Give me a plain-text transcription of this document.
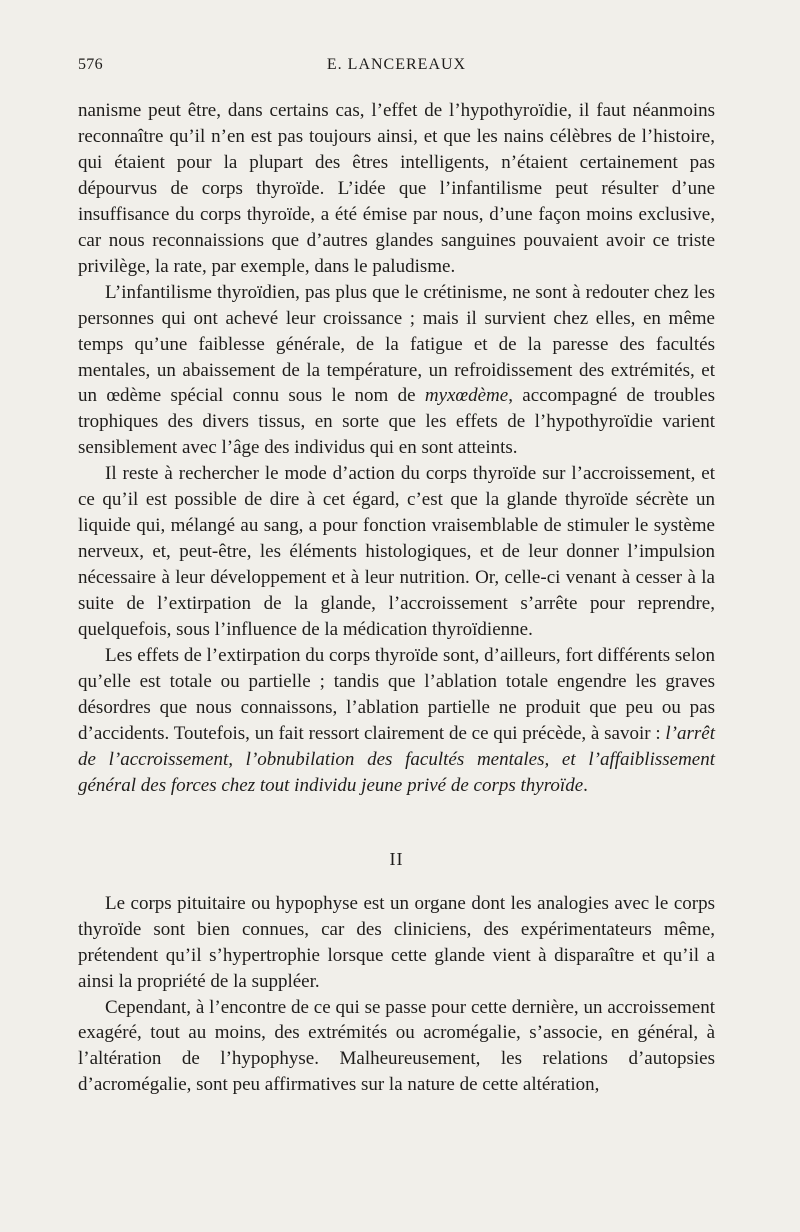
576	E. LANCEREAUX

nanisme peut être, dans certains cas, l’effet de l’hypothyroïdie, il faut néanmoins reconnaître qu’il n’en est pas toujours ainsi, et que les nains célèbres de l’histoire, qui étaient pour la plupart des êtres intelligents, n’étaient certainement pas dépourvus de corps thyroïde. L’idée que l’infantilisme peut résulter d’une insuffisance du corps thyroïde, a été émise par nous, d’une façon moins exclusive, car nous reconnaissions que d’autres glandes sanguines pouvaient avoir ce triste privilège, la rate, par exemple, dans le paludisme.

L’infantilisme thyroïdien, pas plus que le crétinisme, ne sont à redouter chez les personnes qui ont achevé leur croissance ; mais il survient chez elles, en même temps qu’une faiblesse générale, de la fatigue et de la paresse des facultés mentales, un abaissement de la température, un refroidissement des extrémités, et un œdème spécial connu sous le nom de myxœdème, accompagné de troubles trophiques des divers tissus, en sorte que les effets de l’hypothyroïdie varient sensiblement avec l’âge des individus qui en sont atteints.

Il reste à rechercher le mode d’action du corps thyroïde sur l’accroissement, et ce qu’il est possible de dire à cet égard, c’est que la glande thyroïde sécrète un liquide qui, mélangé au sang, a pour fonction vraisemblable de stimuler le système nerveux, et, peut-être, les éléments histologiques, et de leur donner l’impulsion nécessaire à leur développement et à leur nutrition. Or, celle-ci venant à cesser à la suite de l’extirpation de la glande, l’accroissement s’arrête pour reprendre, quelquefois, sous l’influence de la médication thyroïdienne.

Les effets de l’extirpation du corps thyroïde sont, d’ailleurs, fort différents selon qu’elle est totale ou partielle ; tandis que l’ablation totale engendre les graves désordres que nous connaissons, l’ablation partielle ne produit que peu ou pas d’accidents. Toutefois, un fait ressort clairement de ce qui précède, à savoir : l’arrêt de l’accroissement, l’obnubilation des facultés mentales, et l’affaiblissement général des forces chez tout individu jeune privé de corps thyroïde.

II

Le corps pituitaire ou hypophyse est un organe dont les analogies avec le corps thyroïde sont bien connues, car des cliniciens, des expérimentateurs même, prétendent qu’il s’hypertrophie lorsque cette glande vient à disparaître et qu’il a ainsi la propriété de la suppléer.

Cependant, à l’encontre de ce qui se passe pour cette dernière, un accroissement exagéré, tout au moins, des extrémités ou acromégalie, s’associe, en général, à l’altération de l’hypophyse. Malheureusement, les relations d’autopsies d’acromégalie, sont peu affirmatives sur la nature de cette altération,
